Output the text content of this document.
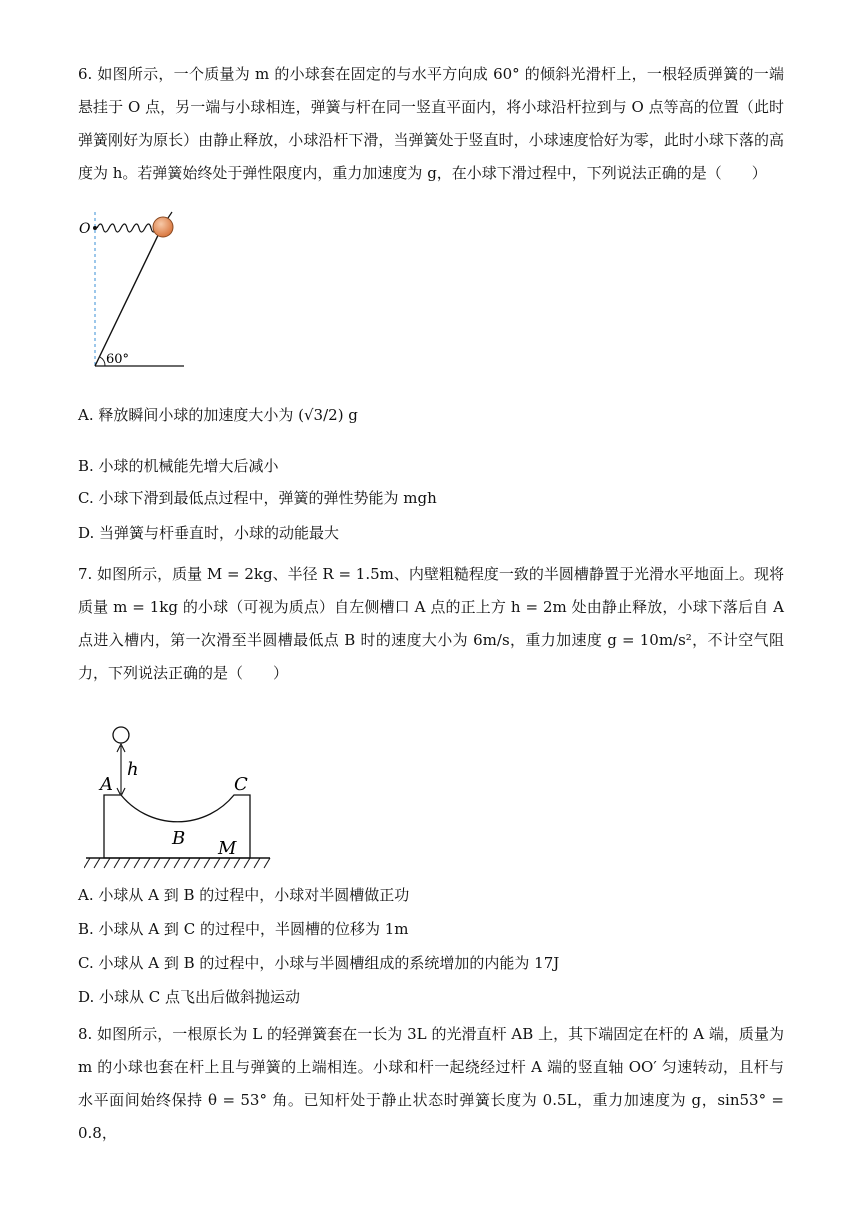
6. 如图所示，一个质量为 m 的小球套在固定的与水平方向成 60° 的倾斜光滑杆上，一根轻质弹簧的一端悬挂于 O 点，另一端与小球相连，弹簧与杆在同一竖直平面内，将小球沿杆拉到与 O 点等高的位置（此时弹簧刚好为原长）由静止释放，小球沿杆下滑，当弹簧处于竖直时，小球速度恰好为零，此时小球下落的高度为 h。若弹簧始终处于弹性限度内，重力加速度为 g，在小球下滑过程中，下列说法正确的是（　　）

60°
O

A. 释放瞬间小球的加速度大小为 (√3/2) g

B. 小球的机械能先增大后减小

C. 小球下滑到最低点过程中，弹簧的弹性势能为 mgh

D. 当弹簧与杆垂直时，小球的动能最大

7. 如图所示，质量 M = 2kg、半径 R = 1.5m、内壁粗糙程度一致的半圆槽静置于光滑水平地面上。现将质量 m = 1kg 的小球（可视为质点）自左侧槽口 A 点的正上方 h = 2m 处由静止释放，小球下落后自 A 点进入槽内，第一次滑至半圆槽最低点 B 时的速度大小为 6m/s，重力加速度 g = 10m/s²，不计空气阻力，下列说法正确的是（　　）

h
A	C
B M

A. 小球从 A 到 B 的过程中，小球对半圆槽做正功

B. 小球从 A 到 C 的过程中，半圆槽的位移为 1m

C. 小球从 A 到 B 的过程中，小球与半圆槽组成的系统增加的内能为 17J

D. 小球从 C 点飞出后做斜抛运动

8. 如图所示，一根原长为 L 的轻弹簧套在一长为 3L 的光滑直杆 AB 上，其下端固定在杆的 A 端，质量为 m 的小球也套在杆上且与弹簧的上端相连。小球和杆一起绕经过杆 A 端的竖直轴 OO′ 匀速转动，且杆与水平面间始终保持 θ = 53° 角。已知杆处于静止状态时弹簧长度为 0.5L，重力加速度为 g，sin53° = 0.8，
